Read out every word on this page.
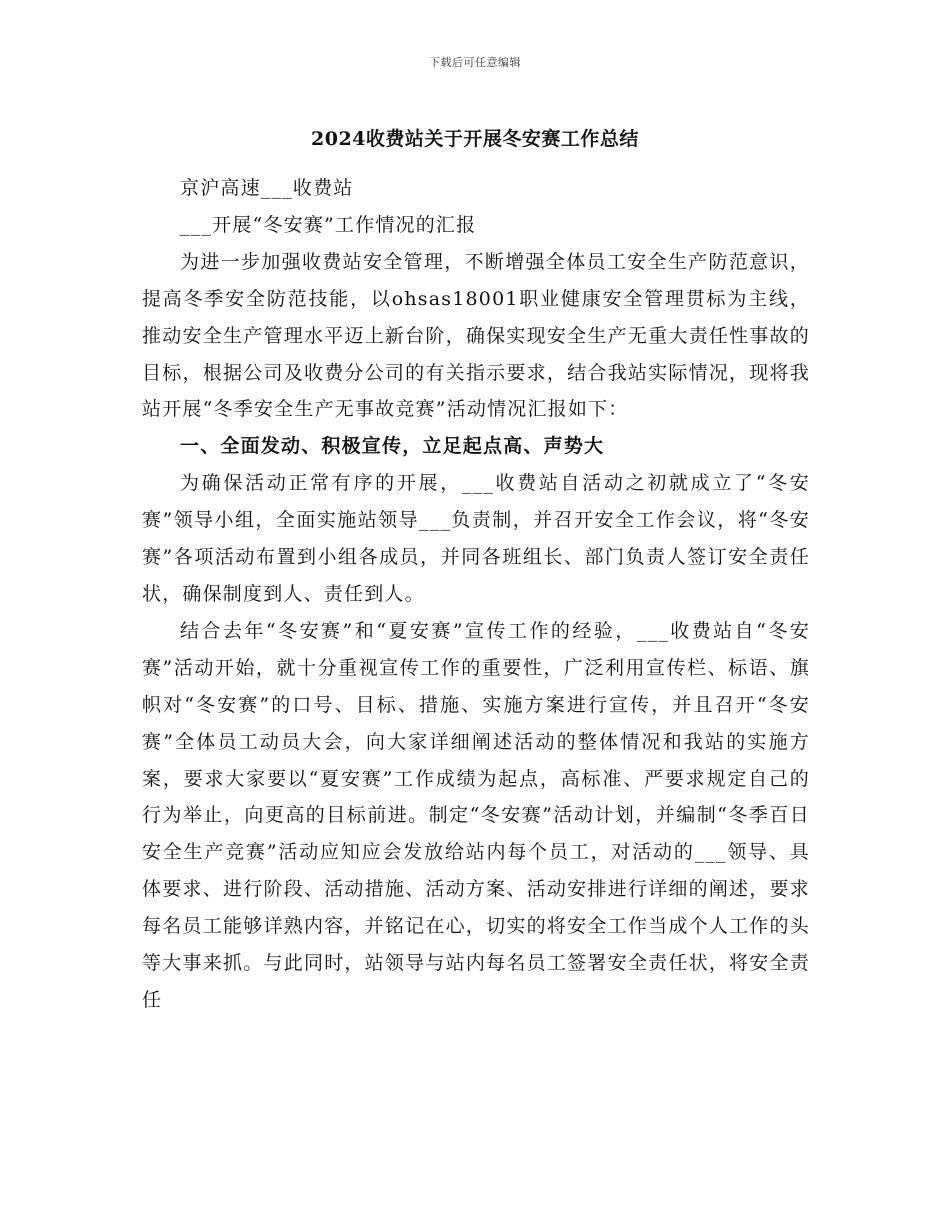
下载后可任意编辑
2024收费站关于开展冬安赛工作总结

京沪高速___收费站

___开展“冬安赛”工作情况的汇报

为进一步加强收费站安全管理，不断增强全体员工安全生产防范意识，提高冬季安全防范技能，以ohsas18001职业健康安全管理贯标为主线，推动安全生产管理水平迈上新台阶，确保实现安全生产无重大责任性事故的目标，根据公司及收费分公司的有关指示要求，结合我站实际情况，现将我站开展“冬季安全生产无事故竞赛”活动情况汇报如下：

一、全面发动、积极宣传，立足起点高、声势大

为确保活动正常有序的开展，___收费站自活动之初就成立了“冬安赛”领导小组，全面实施站领导___负责制，并召开安全工作会议，将“冬安赛”各项活动布置到小组各成员，并同各班组长、部门负责人签订安全责任状，确保制度到人、责任到人。

结合去年“冬安赛”和“夏安赛”宣传工作的经验，___收费站自“冬安赛”活动开始，就十分重视宣传工作的重要性，广泛利用宣传栏、标语、旗帜对“冬安赛”的口号、目标、措施、实施方案进行宣传，并且召开“冬安赛”全体员工动员大会，向大家详细阐述活动的整体情况和我站的实施方案，要求大家要以“夏安赛”工作成绩为起点，高标准、严要求规定自己的行为举止，向更高的目标前进。制定“冬安赛”活动计划，并编制“冬季百日安全生产竞赛”活动应知应会发放给站内每个员工，对活动的___领导、具体要求、进行阶段、活动措施、活动方案、活动安排进行详细的阐述，要求每名员工能够详熟内容，并铭记在心，切实的将安全工作当成个人工作的头等大事来抓。与此同时，站领导与站内每名员工签署安全责任状，将安全责任
